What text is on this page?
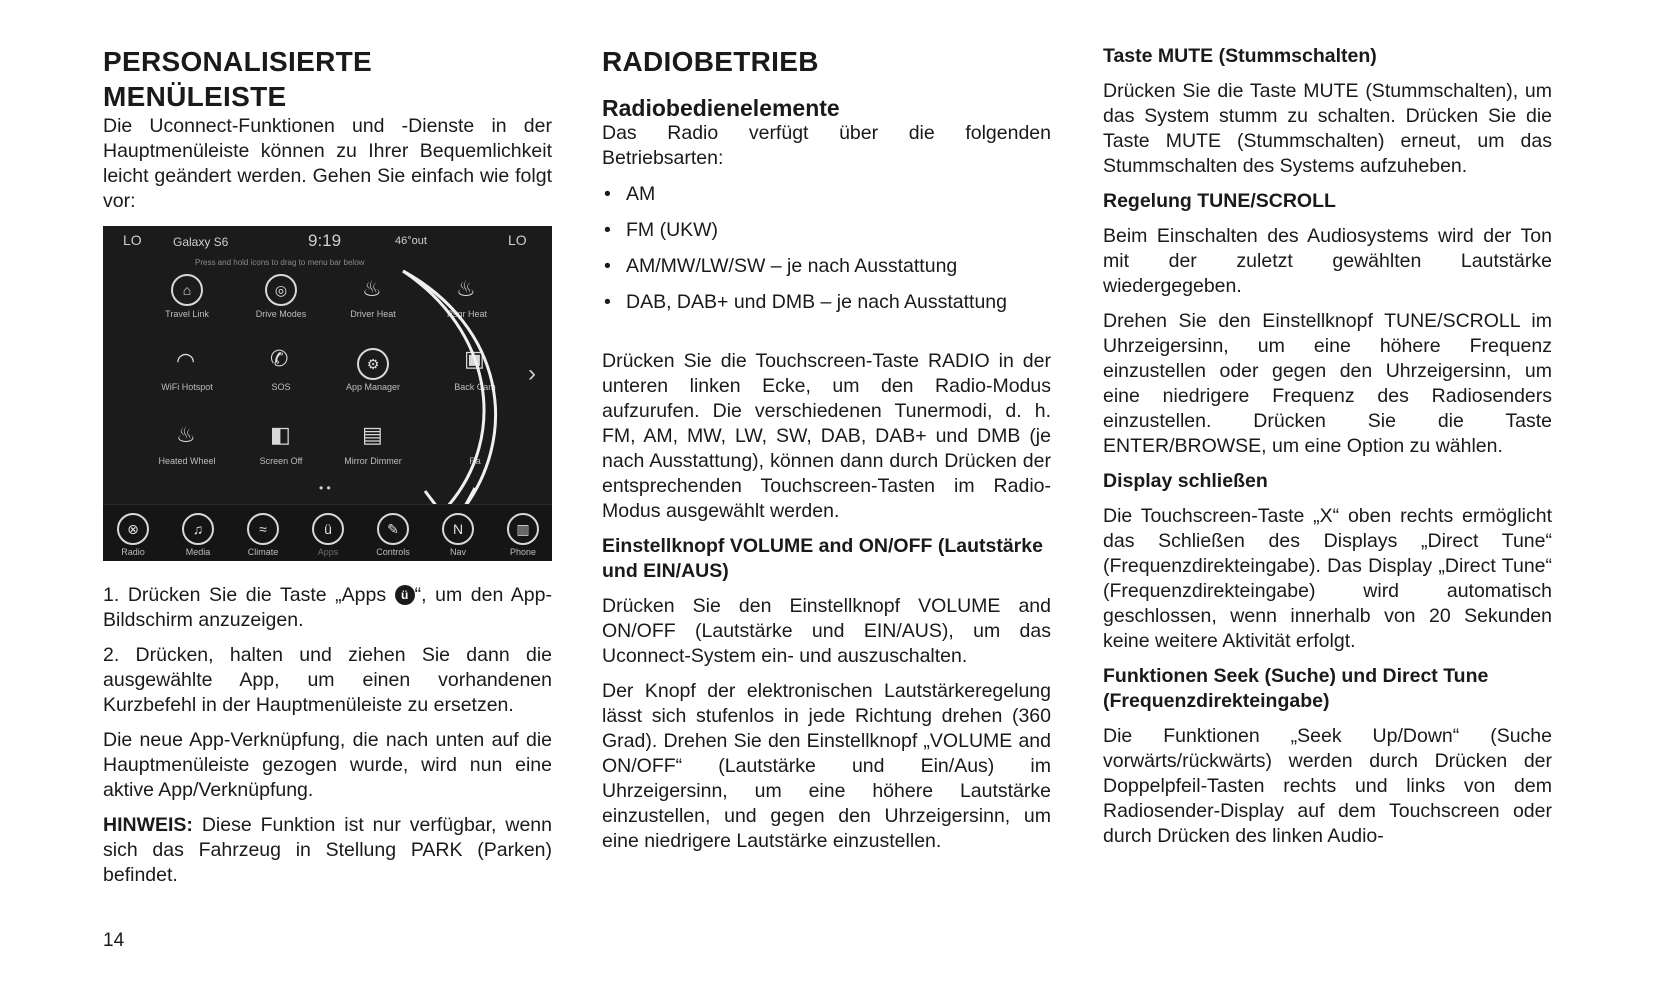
PERSONALISIERTE MENÜLEISTE

Die Uconnect-Funktionen und -Dienste in der Hauptmenüleiste können zu Ihrer Bequemlichkeit leicht geändert werden. Gehen Sie einfach wie folgt vor:

LO	Galaxy S6	9:19	46°out	LO
Press and hold icons to drag to menu bar below
⌂
Travel Link
◎
Drive Modes
♨
Driver Heat
♨
Psgr Heat
◠
WiFi Hotspot
✆
SOS
⚙
App Manager
▣
Back Cam	›
♨
Heated Wheel
◧
Screen Off
▤
Mirror Dimmer	Ra
• •
⊗
Radio
♫
Media
≈
Climate
ü
Apps
✎
Controls
N
Nav
▥
Phone

1. Drücken Sie die Taste „Apps ü “, um den App-Bildschirm anzuzeigen.

2. Drücken, halten und ziehen Sie dann die ausgewählte App, um einen vorhandenen Kurzbefehl in der Hauptmenüleiste zu ersetzen.

Die neue App-Verknüpfung, die nach unten auf die Hauptmenüleiste gezogen wurde, wird nun eine aktive App/Verknüpfung.

HINWEIS: Diese Funktion ist nur verfügbar, wenn sich das Fahrzeug in Stellung PARK (Parken) befindet.

RADIOBETRIEB
Radiobedienelemente

Das Radio verfügt über die folgenden Betriebsarten:

• AM
• FM (UKW)
• AM/MW/LW/SW – je nach Ausstattung
• DAB, DAB+ und DMB – je nach Ausstattung

Drücken Sie die Touchscreen-Taste RADIO in der unteren linken Ecke, um den Radio-Modus aufzurufen. Die verschiedenen Tunermodi, d. h. FM, AM, MW, LW, SW, DAB, DAB+ und DMB (je nach Ausstattung), können dann durch Drücken der entsprechenden Touchscreen-Tasten im Radio-Modus ausgewählt werden.

Einstellknopf VOLUME and ON/OFF (Lautstärke und EIN/AUS)

Drücken Sie den Einstellknopf VOLUME and ON/OFF (Lautstärke und EIN/AUS), um das Uconnect-System ein- und auszuschalten.

Der Knopf der elektronischen Lautstärkeregelung lässt sich stufenlos in jede Richtung drehen (360 Grad). Drehen Sie den Einstellknopf „VOLUME and ON/OFF“ (Lautstärke und Ein/Aus) im Uhrzeigersinn, um eine höhere Lautstärke einzustellen, und gegen den Uhrzeigersinn, um eine niedrigere Lautstärke einzustellen.

Taste MUTE (Stummschalten)

Drücken Sie die Taste MUTE (Stummschalten), um das System stumm zu schalten. Drücken Sie die Taste MUTE (Stummschalten) erneut, um das Stummschalten des Systems aufzuheben.

Regelung TUNE/SCROLL

Beim Einschalten des Audiosystems wird der Ton mit der zuletzt gewählten Lautstärke wiedergegeben.

Drehen Sie den Einstellknopf TUNE/SCROLL im Uhrzeigersinn, um eine höhere Frequenz einzustellen oder gegen den Uhrzeigersinn, um eine niedrigere Frequenz des Radiosenders einzustellen. Drücken Sie die Taste ENTER/BROWSE, um eine Option zu wählen.

Display schließen

Die Touchscreen-Taste „X“ oben rechts ermöglicht das Schließen des Displays „Direct Tune“ (Frequenzdirekteingabe). Das Display „Direct Tune“ (Frequenzdirekteingabe) wird automatisch geschlossen, wenn innerhalb von 20 Sekunden keine weitere Aktivität erfolgt.

Funktionen Seek (Suche) und Direct Tune (Frequenzdirekteingabe)

Die Funktionen „Seek Up/Down“ (Suche vorwärts/rückwärts) werden durch Drücken der Doppelpfeil-Tasten rechts und links von dem Radiosender-Display auf dem Touchscreen oder durch Drücken des linken Audio-

14
